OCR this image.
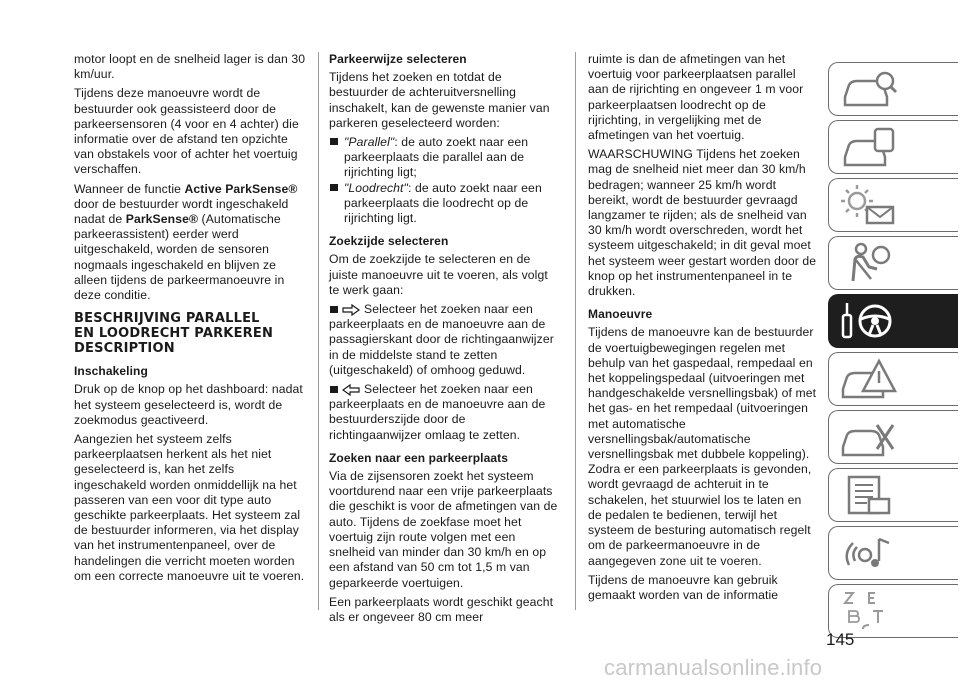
motor loopt en de snelheid lager is dan 30 km/uur.

Tijdens deze manoeuvre wordt de bestuurder ook geassisteerd door de parkeersensoren (4 voor en 4 achter) die informatie over de afstand ten opzichte van obstakels voor of achter het voertuig verschaffen.

Wanneer de functie Active ParkSense® door de bestuurder wordt ingeschakeld nadat de ParkSense® (Automatische parkeerassistent) eerder werd uitgeschakeld, worden de sensoren nogmaals ingeschakeld en blijven ze alleen tijdens de parkeermanoeuvre in deze conditie.

BESCHRIJVING PARALLEL
EN LOODRECHT PARKEREN
DESCRIPTION
Inschakeling

Druk op de knop op het dashboard: nadat het systeem geselecteerd is, wordt de zoekmodus geactiveerd.

Aangezien het systeem zelfs parkeerplaatsen herkent als het niet geselecteerd is, kan het zelfs ingeschakeld worden onmiddellijk na het passeren van een voor dit type auto geschikte parkeerplaats. Het systeem zal de bestuurder informeren, via het display van het instrumentenpaneel, over de handelingen die verricht moeten worden om een correcte manoeuvre uit te voeren.

Parkeerwijze selecteren

Tijdens het zoeken en totdat de bestuurder de achteruitversnelling inschakelt, kan de gewenste manier van parkeren geselecteerd worden:

"Parallel": de auto zoekt naar een parkeerplaats die parallel aan de rijrichting ligt;
"Loodrecht": de auto zoekt naar een parkeerplaats die loodrecht op de rijrichting ligt.
Zoekzijde selecteren

Om de zoekzijde te selecteren en de juiste manoeuvre uit te voeren, als volgt te werk gaan:

Selecteer het zoeken naar een parkeerplaats en de manoeuvre aan de passagierskant door de richtingaanwijzer in de middelste stand te zetten (uitgeschakeld) of omhoog geduwd.

Selecteer het zoeken naar een parkeerplaats en de manoeuvre aan de bestuurderszijde door de richtingaanwijzer omlaag te zetten.

Zoeken naar een parkeerplaats

Via de zijsensoren zoekt het systeem voortdurend naar een vrije parkeerplaats die geschikt is voor de afmetingen van de auto. Tijdens de zoekfase moet het voertuig zijn route volgen met een snelheid van minder dan 30 km/h en op een afstand van 50 cm tot 1,5 m van geparkeerde voertuigen.

Een parkeerplaats wordt geschikt geacht als er ongeveer 80 cm meer

ruimte is dan de afmetingen van het voertuig voor parkeerplaatsen parallel aan de rijrichting en ongeveer 1 m voor parkeerplaatsen loodrecht op de rijrichting, in vergelijking met de afmetingen van het voertuig.

WAARSCHUWING Tijdens het zoeken mag de snelheid niet meer dan 30 km/h bedragen; wanneer 25 km/h wordt bereikt, wordt de bestuurder gevraagd langzamer te rijden; als de snelheid van 30 km/h wordt overschreden, wordt het systeem uitgeschakeld; in dit geval moet het systeem weer gestart worden door de knop op het instrumentenpaneel in te drukken.

Manoeuvre

Tijdens de manoeuvre kan de bestuurder de voertuigbewegingen regelen met behulp van het gaspedaal, rempedaal en het koppelingspedaal (uitvoeringen met handgeschakelde versnellingsbak) of met het gas- en het rempedaal (uitvoeringen met automatische versnellingsbak/automatische versnellingsbak met dubbele koppeling). Zodra er een parkeerplaats is gevonden, wordt gevraagd de achteruit in te schakelen, het stuurwiel los te laten en de pedalen te bedienen, terwijl het systeem de besturing automatisch regelt om de parkeermanoeuvre in de aangegeven zone uit te voeren.

Tijdens de manoeuvre kan gebruik gemaakt worden van de informatie

145
carmanualsonline.info
